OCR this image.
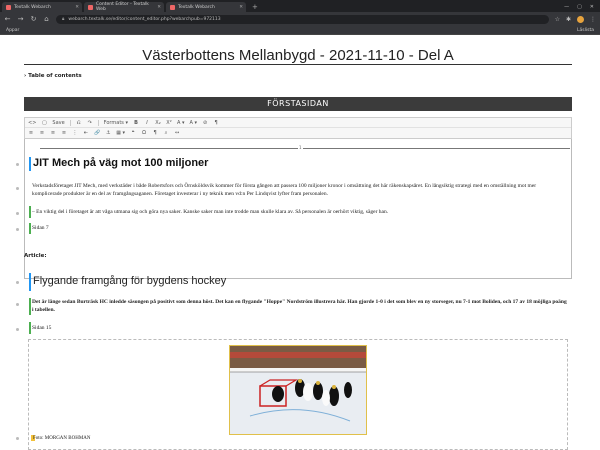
Textalk Webarch	✕	Content Editor - Textalk Web	✕	Textalk Webarch	✕	+	— ▢ ✕
← → ↻ ⌂	🔒︎ webarch.textalk.se/editor/content_editor.php?webarchpub=972113	☆ ✱	⋮
Appar	Läslista
Västerbottens Mellanbygd - 2021-11-10 - Del A
› Table of contents
FÖRSTASIDAN
<> ▢ Save ⎌ ↷ Formats ▾ B	I	X₂ X² A ▾ A ▾ ⊘ ¶
≡ ≡ ≡ ≡ ⋮ ⇤ 🔗 ⚓ ▦ ▾	❝	Ω ¶	⌕	↔
1
JIT Mech på väg mot 100 miljoner
Verkstadsföretaget JIT Mech, med verkstäder i både Robertsfors och Örnsköldsvik kommer för första gången att passera 100 miljoner kronor i omsättning det här räkenskapsåret. En långsiktig strategi med en omställning mot mer komplicerade produkter är en del av framgångsaganen. Företaget investerar i ny teknik men vd:n Per Lindqvist lyfter fram personalen.
– En viktig del i företaget är att våga utmana sig och göra nya saker. Kanske saker man inte trodde man skulle klara av. Så personalen är oerhört viktig, säger han.
Sidan 7
Article:
Flygande framgång för bygdens hockey
Det är länge sedan Burträsk HC inledde säsongen på positivt som denna höst. Det kan en flygande "Hoppe" Nordström illustrera här. Han gjorde 1-0 i det som blev en ny storseger, nu 7-1 mot Boliden, och 17 av 18 möjliga poäng i tabellen.
Sidan 15
Foto: MORGAN BOHMAN
